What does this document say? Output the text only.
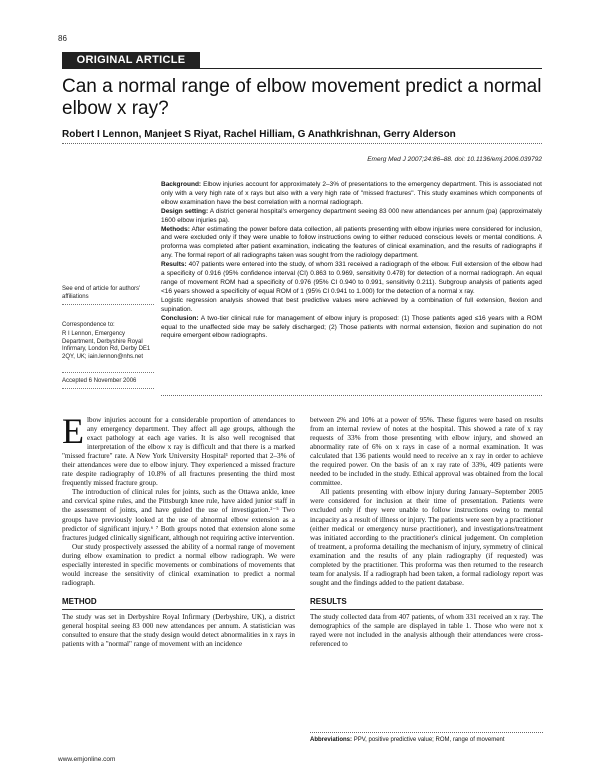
86
ORIGINAL ARTICLE
Can a normal range of elbow movement predict a normal elbow x ray?
Robert I Lennon, Manjeet S Riyat, Rachel Hilliam, G Anathkrishnan, Gerry Alderson
Emerg Med J 2007;24:86–88. doi: 10.1136/emj.2006.039792
See end of article for authors' affiliations
Correspondence to:
R I Lennon, Emergency Department, Derbyshire Royal Infirmary, London Rd, Derby DE1 2QY, UK; iain.lennon@nhs.net
Accepted 6 November 2006

Background: Elbow injuries account for approximately 2–3% of presentations to the emergency department. This is associated not only with a very high rate of x rays but also with a very high rate of "missed fractures". This study examines which components of elbow examination have the best correlation with a normal radiograph.

Design setting: A district general hospital's emergency department seeing 83 000 new attendances per annum (pa) (approximately 1600 elbow injuries pa).

Methods: After estimating the power before data collection, all patients presenting with elbow injuries were considered for inclusion, and were excluded only if they were unable to follow instructions owing to either reduced conscious levels or mental conditions. A proforma was completed after patient examination, indicating the features of clinical examination, and the results of radiographs if any. The formal report of all radiographs taken was sought from the radiology department.

Results: 407 patients were entered into the study, of whom 331 received a radiograph of the elbow. Full extension of the elbow had a specificity of 0.916 (95% confidence interval (CI) 0.863 to 0.969, sensitivity 0.478) for detection of a normal radiograph. An equal range of movement ROM had a specificity of 0.976 (95% CI 0.940 to 0.991, sensitivity 0.211). Subgroup analysis of patients aged <16 years showed a specificity of equal ROM of 1 (95% CI 0.941 to 1.000) for the detection of a normal x ray.

Logistic regression analysis showed that best predictive values were achieved by a combination of full extension, flexion and supination.

Conclusion: A two-tier clinical rule for management of elbow injury is proposed: (1) Those patients aged ≤16 years with a ROM equal to the unaffected side may be safely discharged; (2) Those patients with normal extension, flexion and supination do not require emergent elbow radiographs.

Elbow injuries account for a considerable proportion of attendances to any emergency department. They affect all age groups, although the exact pathology at each age varies. It is also well recognised that interpretation of the elbow x ray is difficult and that there is a marked "missed fracture" rate. A New York University Hospital¹ reported that 2–3% of their attendances were due to elbow injury. They experienced a missed fracture rate despite radiography of 10.8% of all fractures presenting the third most frequently missed fracture group.

The introduction of clinical rules for joints, such as the Ottawa ankle, knee and cervical spine rules, and the Pittsburgh knee rule, have aided junior staff in the assessment of joints, and have guided the use of investigation.²⁻⁵ Two groups have previously looked at the use of abnormal elbow extension as a predictor of significant injury.⁶ ⁷ Both groups noted that extension alone some fractures judged clinically significant, although not requiring active intervention.

Our study prospectively assessed the ability of a normal range of movement during elbow examination to predict a normal elbow radiograph. We were especially interested in specific movements or combinations of movements that would increase the sensitivity of clinical examination to predict a normal radiograph.

METHOD

The study was set in Derbyshire Royal Infirmary (Derbyshire, UK), a district general hospital seeing 83 000 new attendances per annum. A statistician was consulted to ensure that the study design would detect abnormalities in x rays in patients with a "normal" range of movement with an incidence

between 2% and 10% at a power of 95%. These figures were based on results from an internal review of notes at the hospital. This showed a rate of x ray requests of 33% from those presenting with elbow injury, and showed an abnormality rate of 6% on x rays in case of a normal examination. It was calculated that 136 patients would need to receive an x ray in order to achieve the required power. On the basis of an x ray rate of 33%, 409 patients were needed to be included in the study. Ethical approval was obtained from the local committee.

All patients presenting with elbow injury during January–September 2005 were considered for inclusion at their time of presentation. Patients were excluded only if they were unable to follow instructions owing to mental incapacity as a result of illness or injury. The patients were seen by a practitioner (either medical or emergency nurse practitioner), and investigations/treatment was initiated according to the practitioner's clinical judgement. On completion of treatment, a proforma detailing the mechanism of injury, symmetry of clinical examination and the results of any plain radiography (if requested) was completed by the practitioner. This proforma was then returned to the research team for analysis. If a radiograph had been taken, a formal radiology report was sought and the findings added to the patient database.

RESULTS

The study collected data from 407 patients, of whom 331 received an x ray. The demographics of the sample are displayed in table 1. Those who were not x rayed were not included in the analysis although their attendances were cross-referenced to

Abbreviations: PPV, positive predictive value; ROM, range of movement
www.emjonline.com
